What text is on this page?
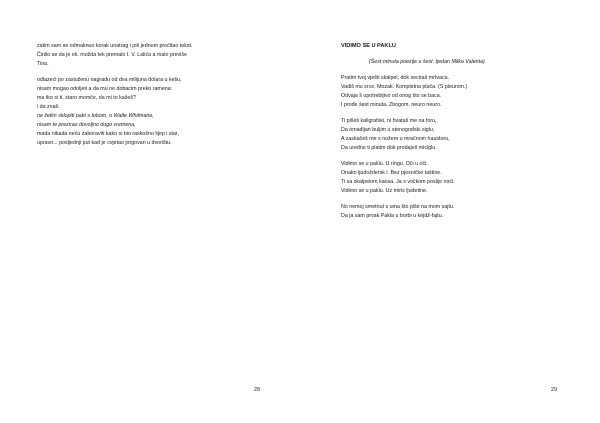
zatim sam se odmaknuo korak unatrag i još jednom pročitao tekst.
Činilo se da je ok. možda tek premalo I. V. Lalića a malo previše
Tina.
odlazeći po zasluženu nagradu od dva milijuna dolara u kešu,
nisam mogao odoljeti a da mu ne dobacim preko ramena:
ma tko si ti, staro momče, da mi to kažeš?
i da znaš:
ne želim sklopiti pakt s tobom, o Walte Whitmane,
nisam te prezirao dovoljno dugo vremena,
mada nikada neću zaboraviti kako si bio raskošno lijep i star,
upravo... posljednji put kad je cvjetao jorgovan u dvorištu.
28
VIDIMO SE U PAKLU
(Šest minuta poezije u šest: tjedan Milka Valenta)
Pratim tvoj vješti skalpel, dok seciraš mrtvaca.
Vadiš mu srce. Mozak. Kompletna pluća. (S pleurom.)
Odvaja š upotrebljivo od onog što se baca.
I prođe šest minuta. Zbogom, neuro neuro.
Ti pišeš kaligrafski, ni hvataš me na foru,
Da omađijan buljim u stenografski siglu,
A zaskačeš me s nožem u mračnom haustoru,
Da uredno ti platim dok prodaješ miciglu.
Vidimo se u paklu. U ringu. Oči u oči.
Onako ljudoždersk i. Bez pjesničke taštine.
Ti sa skalpelom kaosa. Ja s vočkom poslije noći.
Vidimo se u paklu. Uz miris ljudetine.
No nemoj smetnut s uma što piše na mom sajtu.
Da ja sam prvak Pakla u borbi u kejdž-fajtu.
29
